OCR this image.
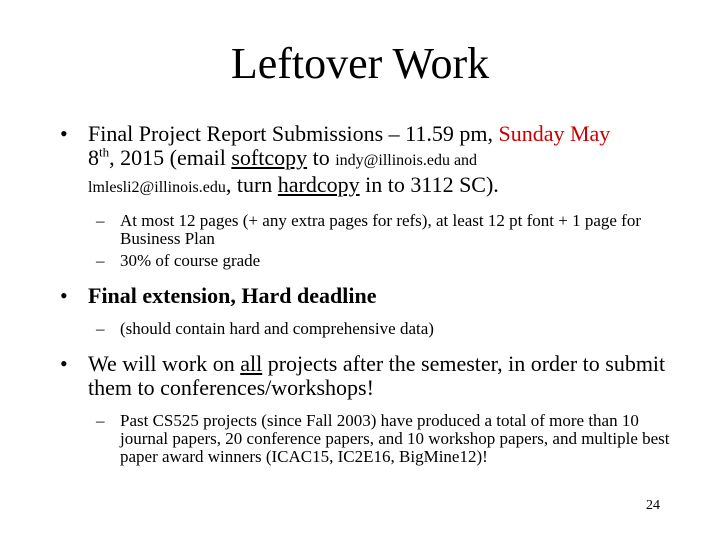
Leftover Work
• Final Project Report Submissions – 11.59 pm, Sunday May
8th, 2015 (email softcopy to indy@illinois.edu and
lmlesli2@illinois.edu, turn hardcopy in to 3112 SC).
– At most 12 pages (+ any extra pages for refs), at least 12 pt font + 1 page for Business Plan
– 30% of course grade
• Final extension, Hard deadline
– (should contain hard and comprehensive data)
• We will work on all projects after the semester, in order to submit them to conferences/workshops!
– Past CS525 projects (since Fall 2003) have produced a total of more than 10 journal papers, 20 conference papers, and 10 workshop papers, and multiple best paper award winners (ICAC15, IC2E16, BigMine12)!
24
